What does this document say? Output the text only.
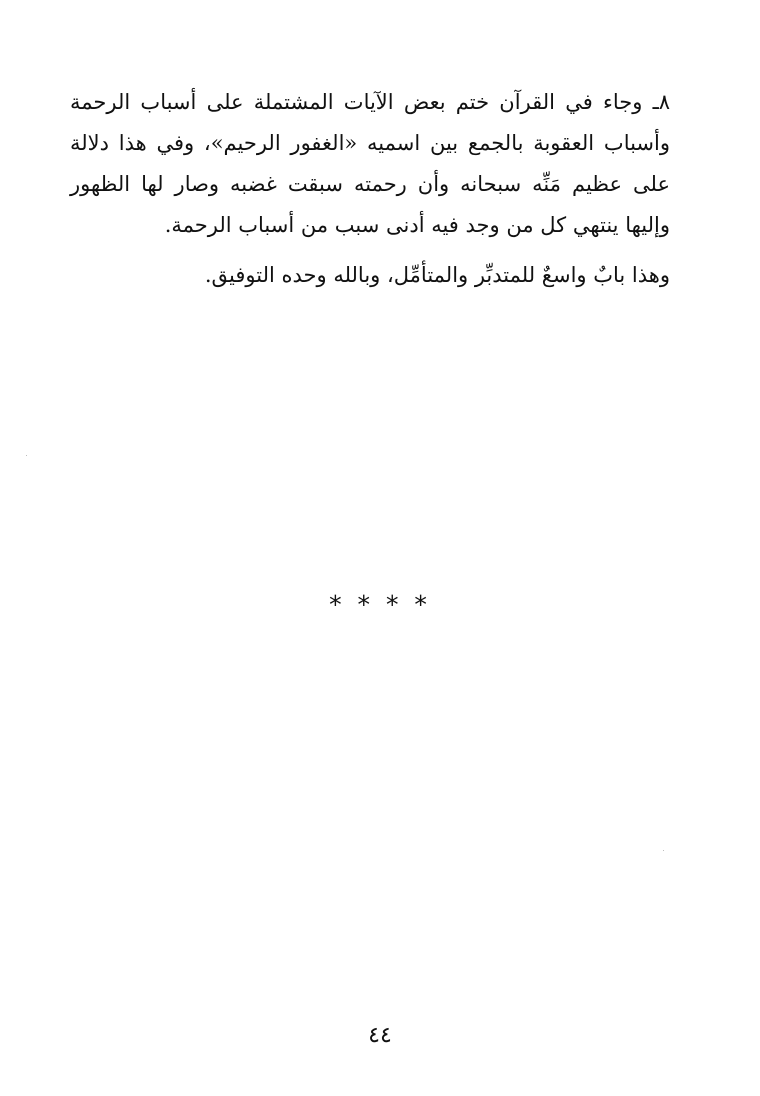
٨ـ وجاء في القرآن ختم بعض الآيات المشتملة على أسباب الرحمة وأسباب العقوبة بالجمع بين اسميه «الغفور الرحيم»، وفي هذا دلالة على عظيم مَنِّه سبحانه وأن رحمته سبقت غضبه وصار لها الظهور وإليها ينتهي كل من وجد فيه أدنى سبب من أسباب الرحمة.

وهذا بابٌ واسعٌ للمتدبِّر والمتأمِّل، وبالله وحده التوفيق.

* * * *
٤٤
